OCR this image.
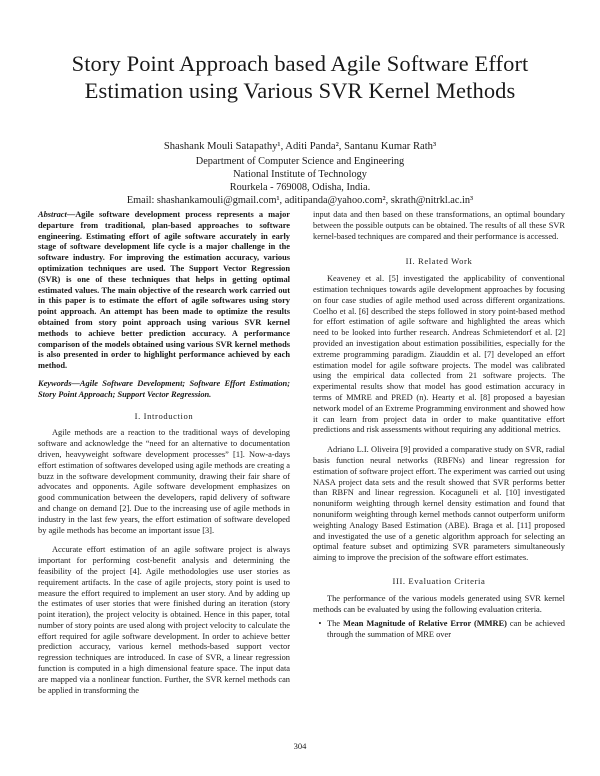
Story Point Approach based Agile Software Effort Estimation using Various SVR Kernel Methods
Shashank Mouli Satapathy¹, Aditi Panda², Santanu Kumar Rath³
Department of Computer Science and Engineering
National Institute of Technology
Rourkela - 769008, Odisha, India.
Email: shashankamouli@gmail.com¹, aditipanda@yahoo.com², skrath@nitrkl.ac.in³

Abstract—Agile software development process represents a major departure from traditional, plan-based approaches to software engineering. Estimating effort of agile software accurately in early stage of software development life cycle is a major challenge in the software industry. For improving the estimation accuracy, various optimization techniques are used. The Support Vector Regression (SVR) is one of these techniques that helps in getting optimal estimated values. The main objective of the research work carried out in this paper is to estimate the effort of agile softwares using story point approach. An attempt has been made to optimize the results obtained from story point approach using various SVR kernel methods to achieve better prediction accuracy. A performance comparison of the models obtained using various SVR kernel methods is also presented in order to highlight performance achieved by each method.

Keywords—Agile Software Development; Software Effort Estimation; Story Point Approach; Support Vector Regression.

I. Introduction

Agile methods are a reaction to the traditional ways of developing software and acknowledge the “need for an alternative to documentation driven, heavyweight software development processes” [1]. Now-a-days effort estimation of softwares developed using agile methods are creating a buzz in the software development community, drawing their fair share of advocates and opponents. Agile software development emphasizes on good communication between the developers, rapid delivery of software and change on demand [2]. Due to the increasing use of agile methods in industry in the last few years, the effort estimation of software developed by agile methods has become an important issue [3].

Accurate effort estimation of an agile software project is always important for performing cost-benefit analysis and determining the feasibility of the project [4]. Agile methodologies use user stories as requirement artifacts. In the case of agile projects, story point is used to measure the effort required to implement an user story. And by adding up the estimates of user stories that were finished during an iteration (story point iteration), the project velocity is obtained. Hence in this paper, total number of story points are used along with project velocity to calculate the effort required for agile software development. In order to achieve better prediction accuracy, various kernel methods-based support vector regression techniques are introduced. In case of SVR, a linear regression function is computed in a high dimensional feature space. The input data are mapped via a nonlinear function. Further, the SVR kernel methods can be applied in transforming the

input data and then based on these transformations, an optimal boundary between the possible outputs can be obtained. The results of all these SVR kernel-based techniques are compared and their performance is accessed.

II. Related Work

Keaveney et al. [5] investigated the applicability of conventional estimation techniques towards agile development approaches by focusing on four case studies of agile method used across different organizations. Coelho et al. [6] described the steps followed in story point-based method for effort estimation of agile software and highlighted the areas which need to be looked into further research. Andreas Schmietendorf et al. [2] provided an investigation about estimation possibilities, especially for the extreme programming paradigm. Ziauddin et al. [7] developed an effort estimation model for agile software projects. The model was calibrated using the empirical data collected from 21 software projects. The experimental results show that model has good estimation accuracy in terms of MMRE and PRED (n). Hearty et al. [8] proposed a bayesian network model of an Extreme Programming environment and showed how it can learn from project data in order to make quantitative effort predictions and risk assessments without requiring any additional metrics.

Adriano L.I. Oliveira [9] provided a comparative study on SVR, radial basis function neural networks (RBFNs) and linear regression for estimation of software project effort. The experiment was carried out using NASA project data sets and the result showed that SVR performs better than RBFN and linear regression. Kocaguneli et al. [10] investigated nonuniform weighting through kernel density estimation and found that nonuniform weighting through kernel methods cannot outperform uniform weighting Analogy Based Estimation (ABE). Braga et al. [11] proposed and investigated the use of a genetic algorithm approach for selecting an optimal feature subset and optimizing SVR parameters simultaneously aiming to improve the precision of the software effort estimates.

III. Evaluation Criteria

The performance of the various models generated using SVR kernel methods can be evaluated by using the following evaluation criteria.

• The Mean Magnitude of Relative Error (MMRE) can be achieved through the summation of MRE over

304
